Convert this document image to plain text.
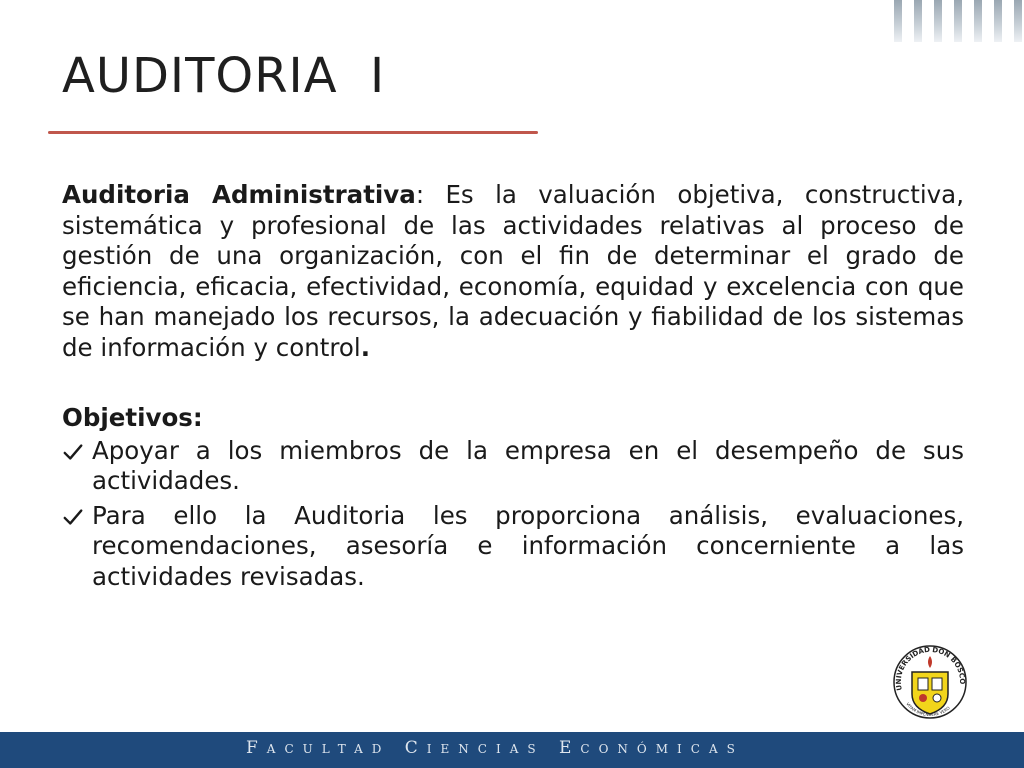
AUDITORIA  I

Auditoria Administrativa: Es la valuación objetiva, constructiva, sistemática y profesional de las actividades relativas al proceso de gestión de una organización, con el fin de determinar el grado de eficiencia, eficacia, efectividad, economía, equidad y excelencia con que se han manejado los recursos, la adecuación y fiabilidad de los sistemas de información y control.

Objetivos:
Apoyar a los miembros de la empresa en el desempeño de sus actividades.
Para ello la Auditoria les proporciona análisis, evaluaciones, recomendaciones, asesoría e información concerniente a las actividades revisadas.
UNIVERSIDAD DON BOSCO
VITAM IMPENDERE VERO
Facultad Ciencias Económicas
